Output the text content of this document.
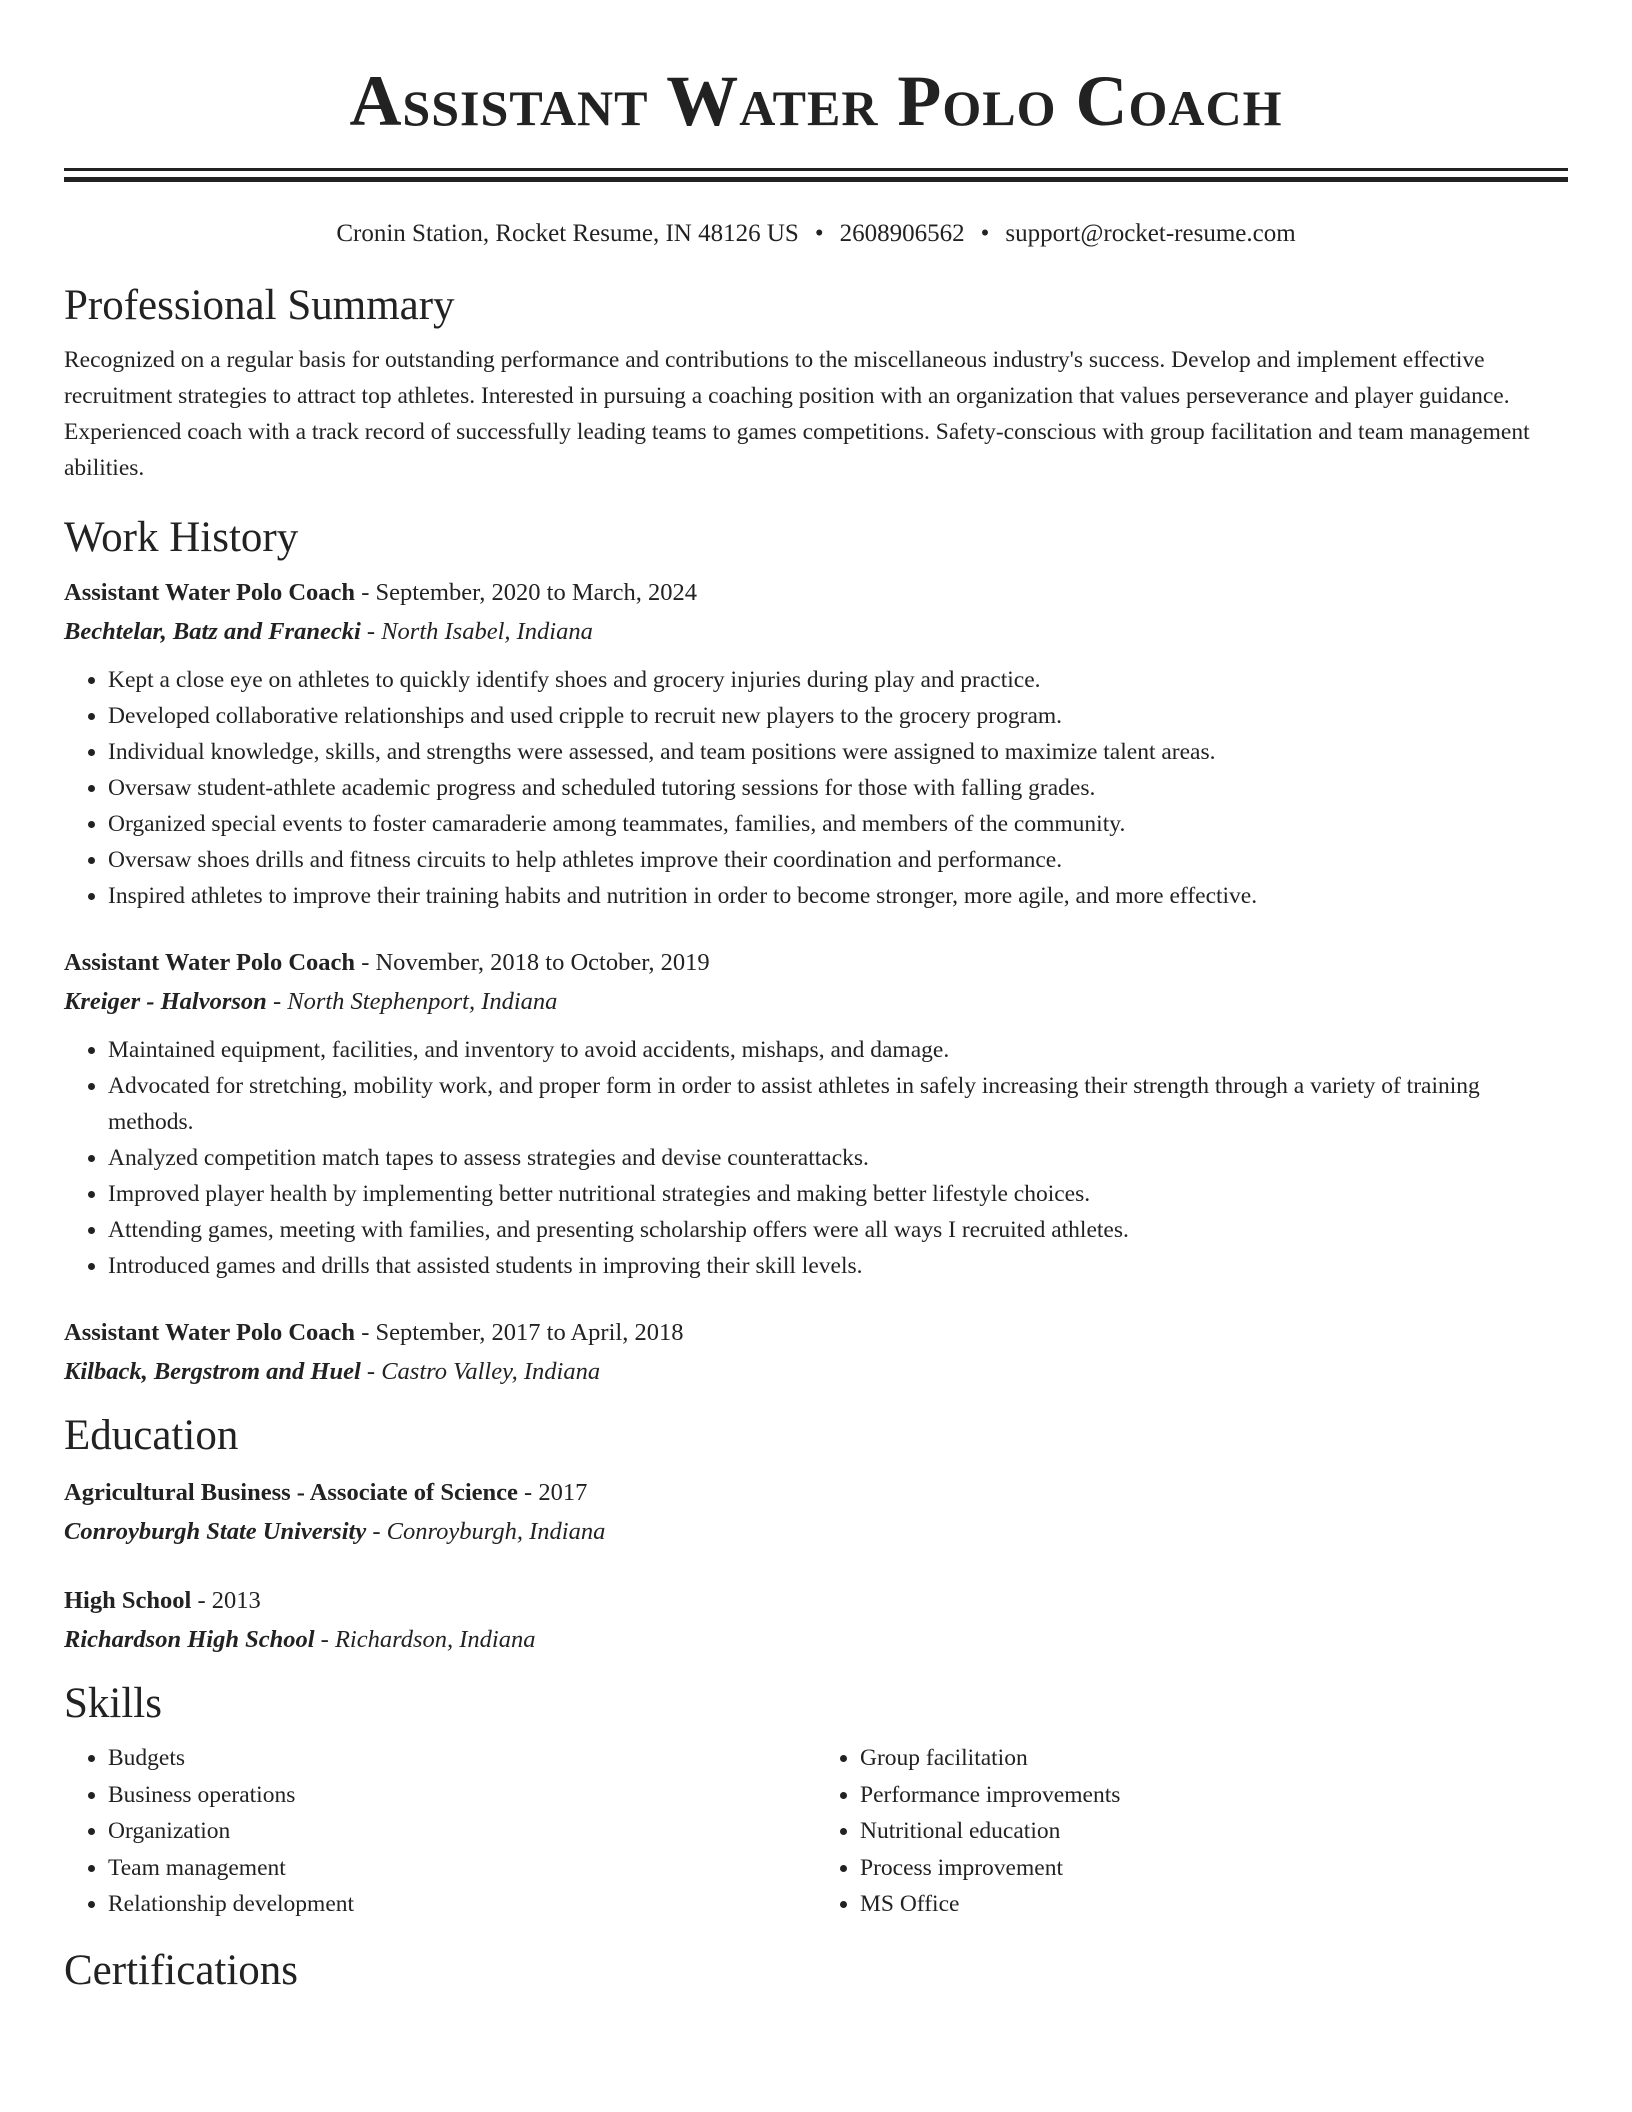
Assistant Water Polo Coach
Cronin Station, Rocket Resume, IN 48126 US • 2608906562 • support@rocket-resume.com
Professional Summary

Recognized on a regular basis for outstanding performance and contributions to the miscellaneous industry's success. Develop and implement effective recruitment strategies to attract top athletes. Interested in pursuing a coaching position with an organization that values perseverance and player guidance. Experienced coach with a track record of successfully leading teams to games competitions. Safety-conscious with group facilitation and team management abilities.

Work History
Assistant Water Polo Coach - September, 2020 to March, 2024
Bechtelar, Batz and Franecki - North Isabel, Indiana
• Kept a close eye on athletes to quickly identify shoes and grocery injuries during play and practice.
• Developed collaborative relationships and used cripple to recruit new players to the grocery program.
• Individual knowledge, skills, and strengths were assessed, and team positions were assigned to maximize talent areas.
• Oversaw student-athlete academic progress and scheduled tutoring sessions for those with falling grades.
• Organized special events to foster camaraderie among teammates, families, and members of the community.
• Oversaw shoes drills and fitness circuits to help athletes improve their coordination and performance.
• Inspired athletes to improve their training habits and nutrition in order to become stronger, more agile, and more effective.
Assistant Water Polo Coach - November, 2018 to October, 2019
Kreiger - Halvorson - North Stephenport, Indiana
• Maintained equipment, facilities, and inventory to avoid accidents, mishaps, and damage.
• Advocated for stretching, mobility work, and proper form in order to assist athletes in safely increasing their strength through a variety of training methods.
• Analyzed competition match tapes to assess strategies and devise counterattacks.
• Improved player health by implementing better nutritional strategies and making better lifestyle choices.
• Attending games, meeting with families, and presenting scholarship offers were all ways I recruited athletes.
• Introduced games and drills that assisted students in improving their skill levels.
Assistant Water Polo Coach - September, 2017 to April, 2018
Kilback, Bergstrom and Huel - Castro Valley, Indiana
Education
Agricultural Business - Associate of Science - 2017
Conroyburgh State University - Conroyburgh, Indiana
High School - 2013
Richardson High School - Richardson, Indiana
Skills
• Budgets
• Business operations
• Organization
• Team management
• Relationship development
• Group facilitation
• Performance improvements
• Nutritional education
• Process improvement
• MS Office
Certifications
